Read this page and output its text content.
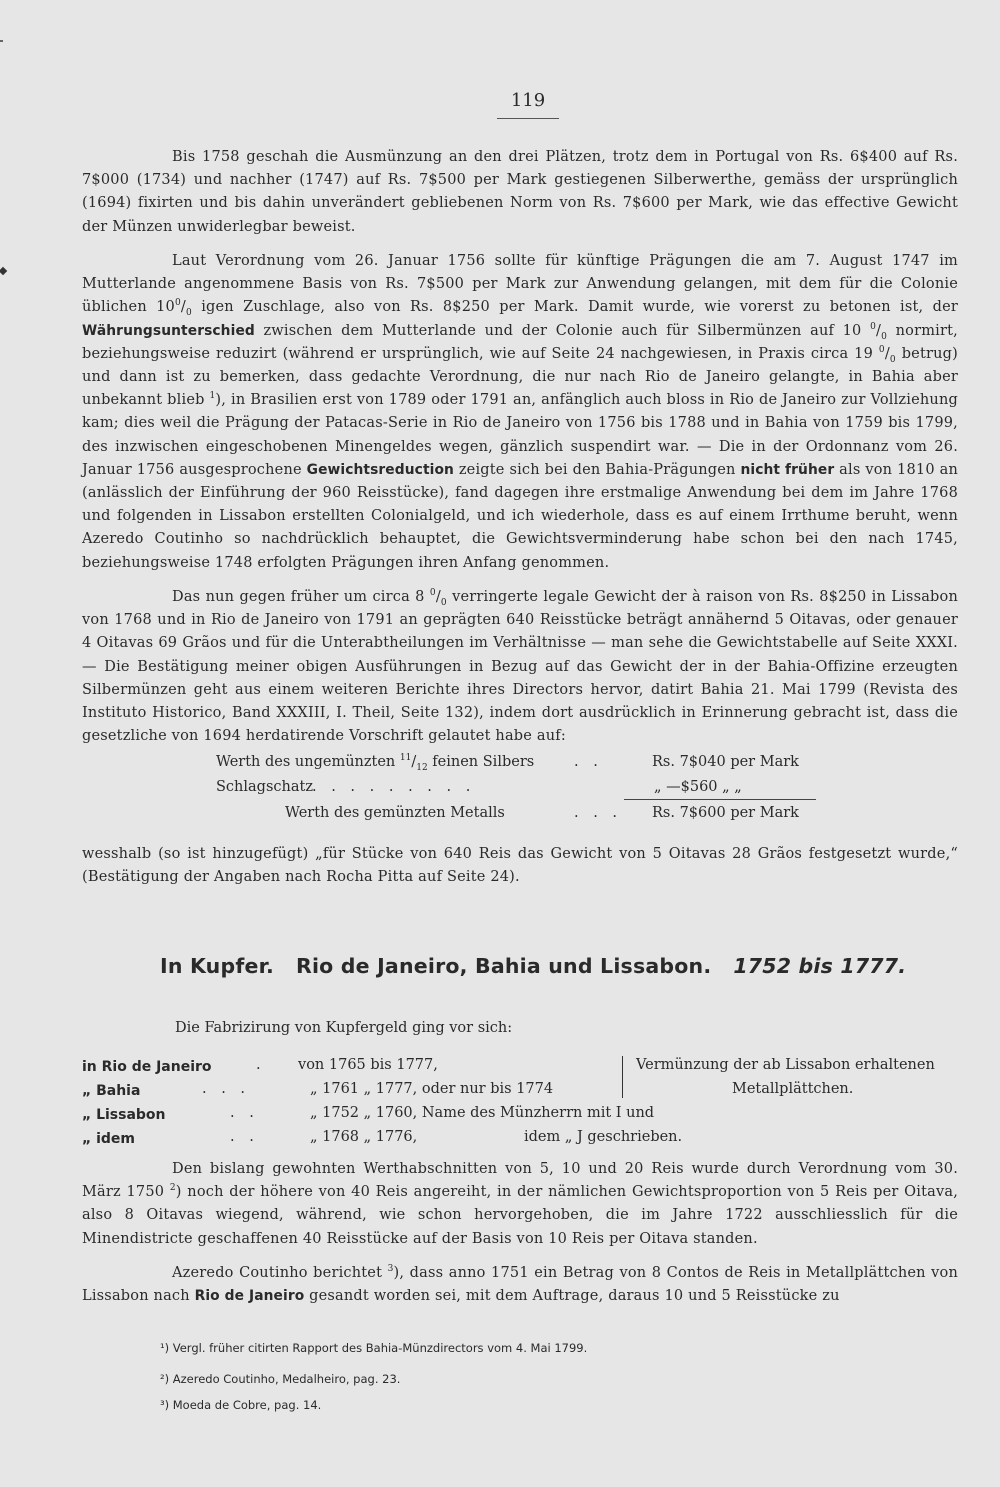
119
Bis 1758 geschah die Ausmünzung an den drei Plätzen, trotz dem in Portugal von Rs. 6$400 auf Rs. 7$000 (1734) und nachher (1747) auf Rs. 7$500 per Mark gestiegenen Silberwerthe, gemäss der ursprünglich (1694) fixirten und bis dahin unverändert gebliebenen Norm von Rs. 7$600 per Mark, wie das effective Gewicht der Münzen unwiderlegbar beweist.
Laut Verordnung vom 26. Januar 1756 sollte für künftige Prägungen die am 7. August 1747 im Mutterlande angenommene Basis von Rs. 7$500 per Mark zur Anwendung gelangen, mit dem für die Colonie üblichen $10^0/_0$ igen Zuschlage, also von Rs. 8$250 per Mark. Damit wurde, wie vorerst zu betonen ist, der Währungsunterschied zwischen dem Mutterlande und der Colonie auch für Silbermünzen auf 10 $^0/_0$ normirt, beziehungsweise reduzirt (während er ursprünglich, wie auf Seite 24 nachgewiesen, in Praxis circa 19 $^0/_0$ betrug) und dann ist zu bemerken, dass gedachte Verordnung, die nur nach Rio de Janeiro gelangte, in Bahia aber unbekannt blieb $^1$), in Brasilien erst von 1789 oder 1791 an, anfänglich auch bloss in Rio de Janeiro zur Vollziehung kam; dies weil die Prägung der Patacas-Serie in Rio de Janeiro von 1756 bis 1788 und in Bahia von 1759 bis 1799, des inzwischen eingeschobenen Minengeldes wegen, gänzlich suspendirt war. — Die in der Ordonnanz vom 26. Januar 1756 ausgesprochene Gewichtsreduction zeigte sich bei den Bahia-Prägungen nicht früher als von 1810 an (anlässlich der Einführung der 960 Reisstücke), fand dagegen ihre erstmalige Anwendung bei dem im Jahre 1768 und folgenden in Lissabon erstellten Colonialgeld, und ich wiederhole, dass es auf einem Irrthume beruht, wenn Azeredo Coutinho so nachdrücklich behauptet, die Gewichtsverminderung habe schon bei den nach 1745, beziehungsweise 1748 erfolgten Prägungen ihren Anfang genommen.
Das nun gegen früher um circa 8 $^0/_0$ verringerte legale Gewicht der à raison von Rs. 8$250 in Lissabon von 1768 und in Rio de Janeiro von 1791 an geprägten 640 Reisstücke beträgt annähernd 5 Oitavas, oder genauer 4 Oitavas 69 Grãos und für die Unterabtheilungen im Verhältnisse — man sehe die Gewichtstabelle auf Seite XXXI. — Die Bestätigung meiner obigen Ausführungen in Bezug auf das Gewicht der in der Bahia-Offizine erzeugten Silbermünzen geht aus einem weiteren Berichte ihres Directors hervor, datirt Bahia 21. Mai 1799 (Revista des Instituto Historico, Band XXXIII, I. Theil, Seite 132), indem dort ausdrücklich in Erinnerung gebracht ist, dass die gesetzliche von 1694 herdatirende Vorschrift gelautet habe auf:
Werth des ungemünzten $^{11}/_{12}$ feinen Silbers	. .	Rs. 7$040 per Mark
Schlagschatz . . . . . . . . .	„ —$560 „ „
Werth des gemünzten Metalls	. . . Rs. 7$600 per Mark
wesshalb (so ist hinzugefügt) „für Stücke von 640 Reis das Gewicht von 5 Oitavas 28 Grãos festgesetzt wurde,“ (Bestätigung der Angaben nach Rocha Pitta auf Seite 24).
In Kupfer. Rio de Janeiro, Bahia und Lissabon. 1752 bis 1777.
Die Fabrizirung von Kupfergeld ging vor sich:
in Rio de Janeiro	.	von 1765 bis 1777,
„ Bahia	. . .	„ 1761 „ 1777, oder nur bis 1774
„ Lissabon	. .	„ 1752 „ 1760, Name des Münzherrn mit I und
„ idem	. .	„ 1768 „ 1776,	idem „ J geschrieben.
Vermünzung der ab Lissabon erhaltenen
Metallplättchen.
Den bislang gewohnten Werthabschnitten von 5, 10 und 20 Reis wurde durch Verordnung vom 30. März 1750 $^2$) noch der höhere von 40 Reis angereiht, in der nämlichen Gewichtsproportion von 5 Reis per Oitava, also 8 Oitavas wiegend, während, wie schon hervorgehoben, die im Jahre 1722 ausschliesslich für die Minendistricte geschaffenen 40 Reisstücke auf der Basis von 10 Reis per Oitava standen.
Azeredo Coutinho berichtet $^3$), dass anno 1751 ein Betrag von 8 Contos de Reis in Metallplättchen von Lissabon nach Rio de Janeiro gesandt worden sei, mit dem Auftrage, daraus 10 und 5 Reisstücke zu
¹) Vergl. früher citirten Rapport des Bahia-Münzdirectors vom 4. Mai 1799.
²) Azeredo Coutinho, Medalheiro, pag. 23.
³) Moeda de Cobre, pag. 14.
